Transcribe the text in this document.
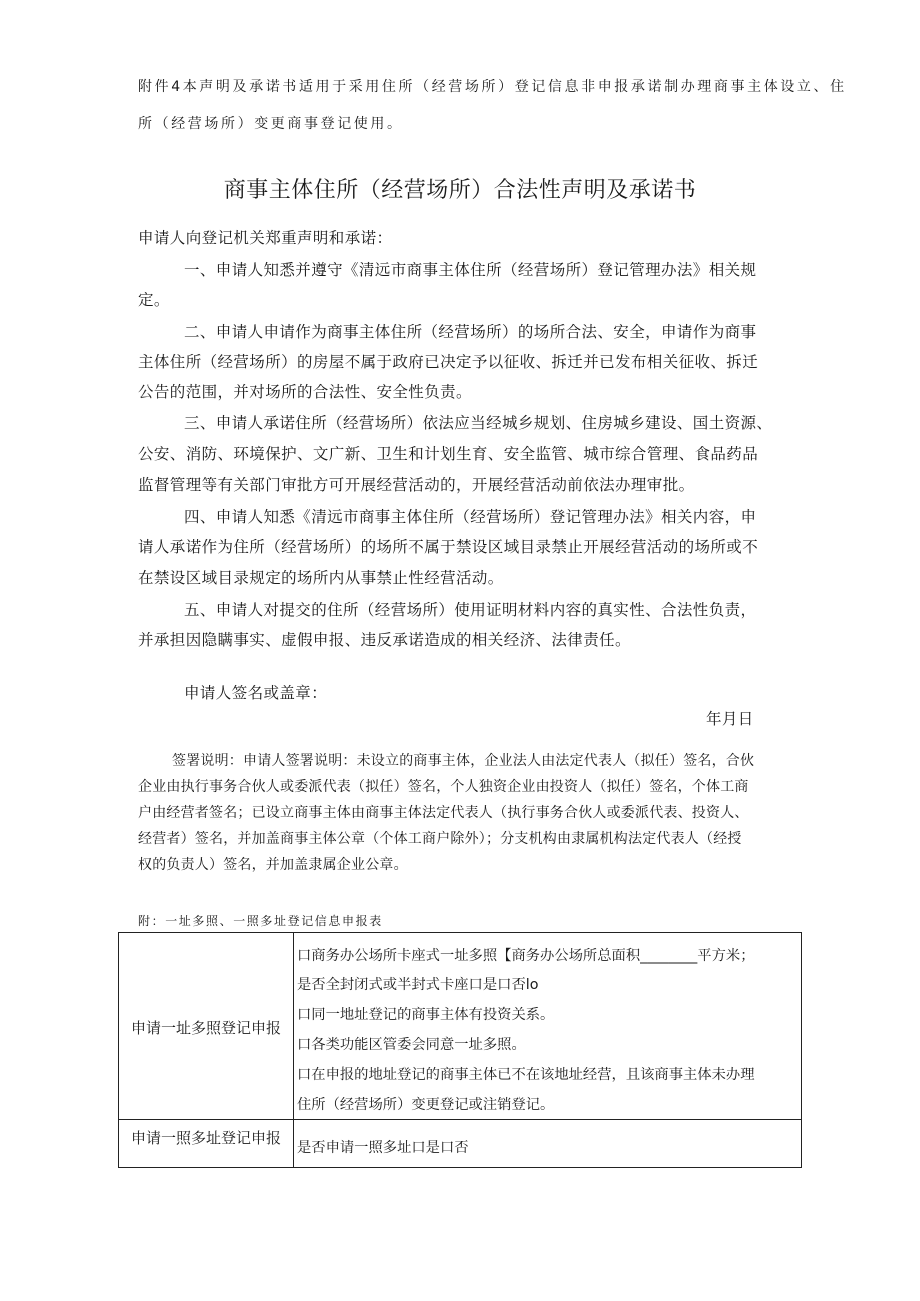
附件4本声明及承诺书适用于采用住所（经营场所）登记信息非申报承诺制办理商事主体设立、住
所（经营场所）变更商事登记使用。
商事主体住所（经营场所）合法性声明及承诺书
申请人向登记机关郑重声明和承诺：
一、申请人知悉并遵守《清远市商事主体住所（经营场所）登记管理办法》相关规
定。
二、申请人申请作为商事主体住所（经营场所）的场所合法、安全，申请作为商事
主体住所（经营场所）的房屋不属于政府已决定予以征收、拆迁并已发布相关征收、拆迁
公告的范围，并对场所的合法性、安全性负责。
三、申请人承诺住所（经营场所）依法应当经城乡规划、住房城乡建设、国土资源、
公安、消防、环境保护、文广新、卫生和计划生育、安全监管、城市综合管理、食品药品
监督管理等有关部门审批方可开展经营活动的，开展经营活动前依法办理审批。
四、申请人知悉《清远市商事主体住所（经营场所）登记管理办法》相关内容，申
请人承诺作为住所（经营场所）的场所不属于禁设区域目录禁止开展经营活动的场所或不
在禁设区域目录规定的场所内从事禁止性经营活动。
五、申请人对提交的住所（经营场所）使用证明材料内容的真实性、合法性负责，
并承担因隐瞒事实、虚假申报、违反承诺造成的相关经济、法律责任。
申请人签名或盖章：
年月日
签署说明：申请人签署说明：未设立的商事主体，企业法人由法定代表人（拟任）签名，合伙
企业由执行事务合伙人或委派代表（拟任）签名，个人独资企业由投资人（拟任）签名，个体工商
户由经营者签名；已设立商事主体由商事主体法定代表人（执行事务合伙人或委派代表、投资人、
经营者）签名，并加盖商事主体公章（个体工商户除外）；分支机构由隶属机构法定代表人（经授
权的负责人）签名，并加盖隶属企业公章。
附：一址多照、一照多址登记信息申报表
申请一址多照登记申报
口商务办公场所卡座式一址多照【商务办公场所总面积________平方米；
是否全封闭式或半封式卡座口是口否lo
口同一地址登记的商事主体有投资关系。
口各类功能区管委会同意一址多照。
口在申报的地址登记的商事主体已不在该地址经营，且该商事主体未办理
住所（经营场所）变更登记或注销登记。
申请一照多址登记申报
是否申请一照多址口是口否
